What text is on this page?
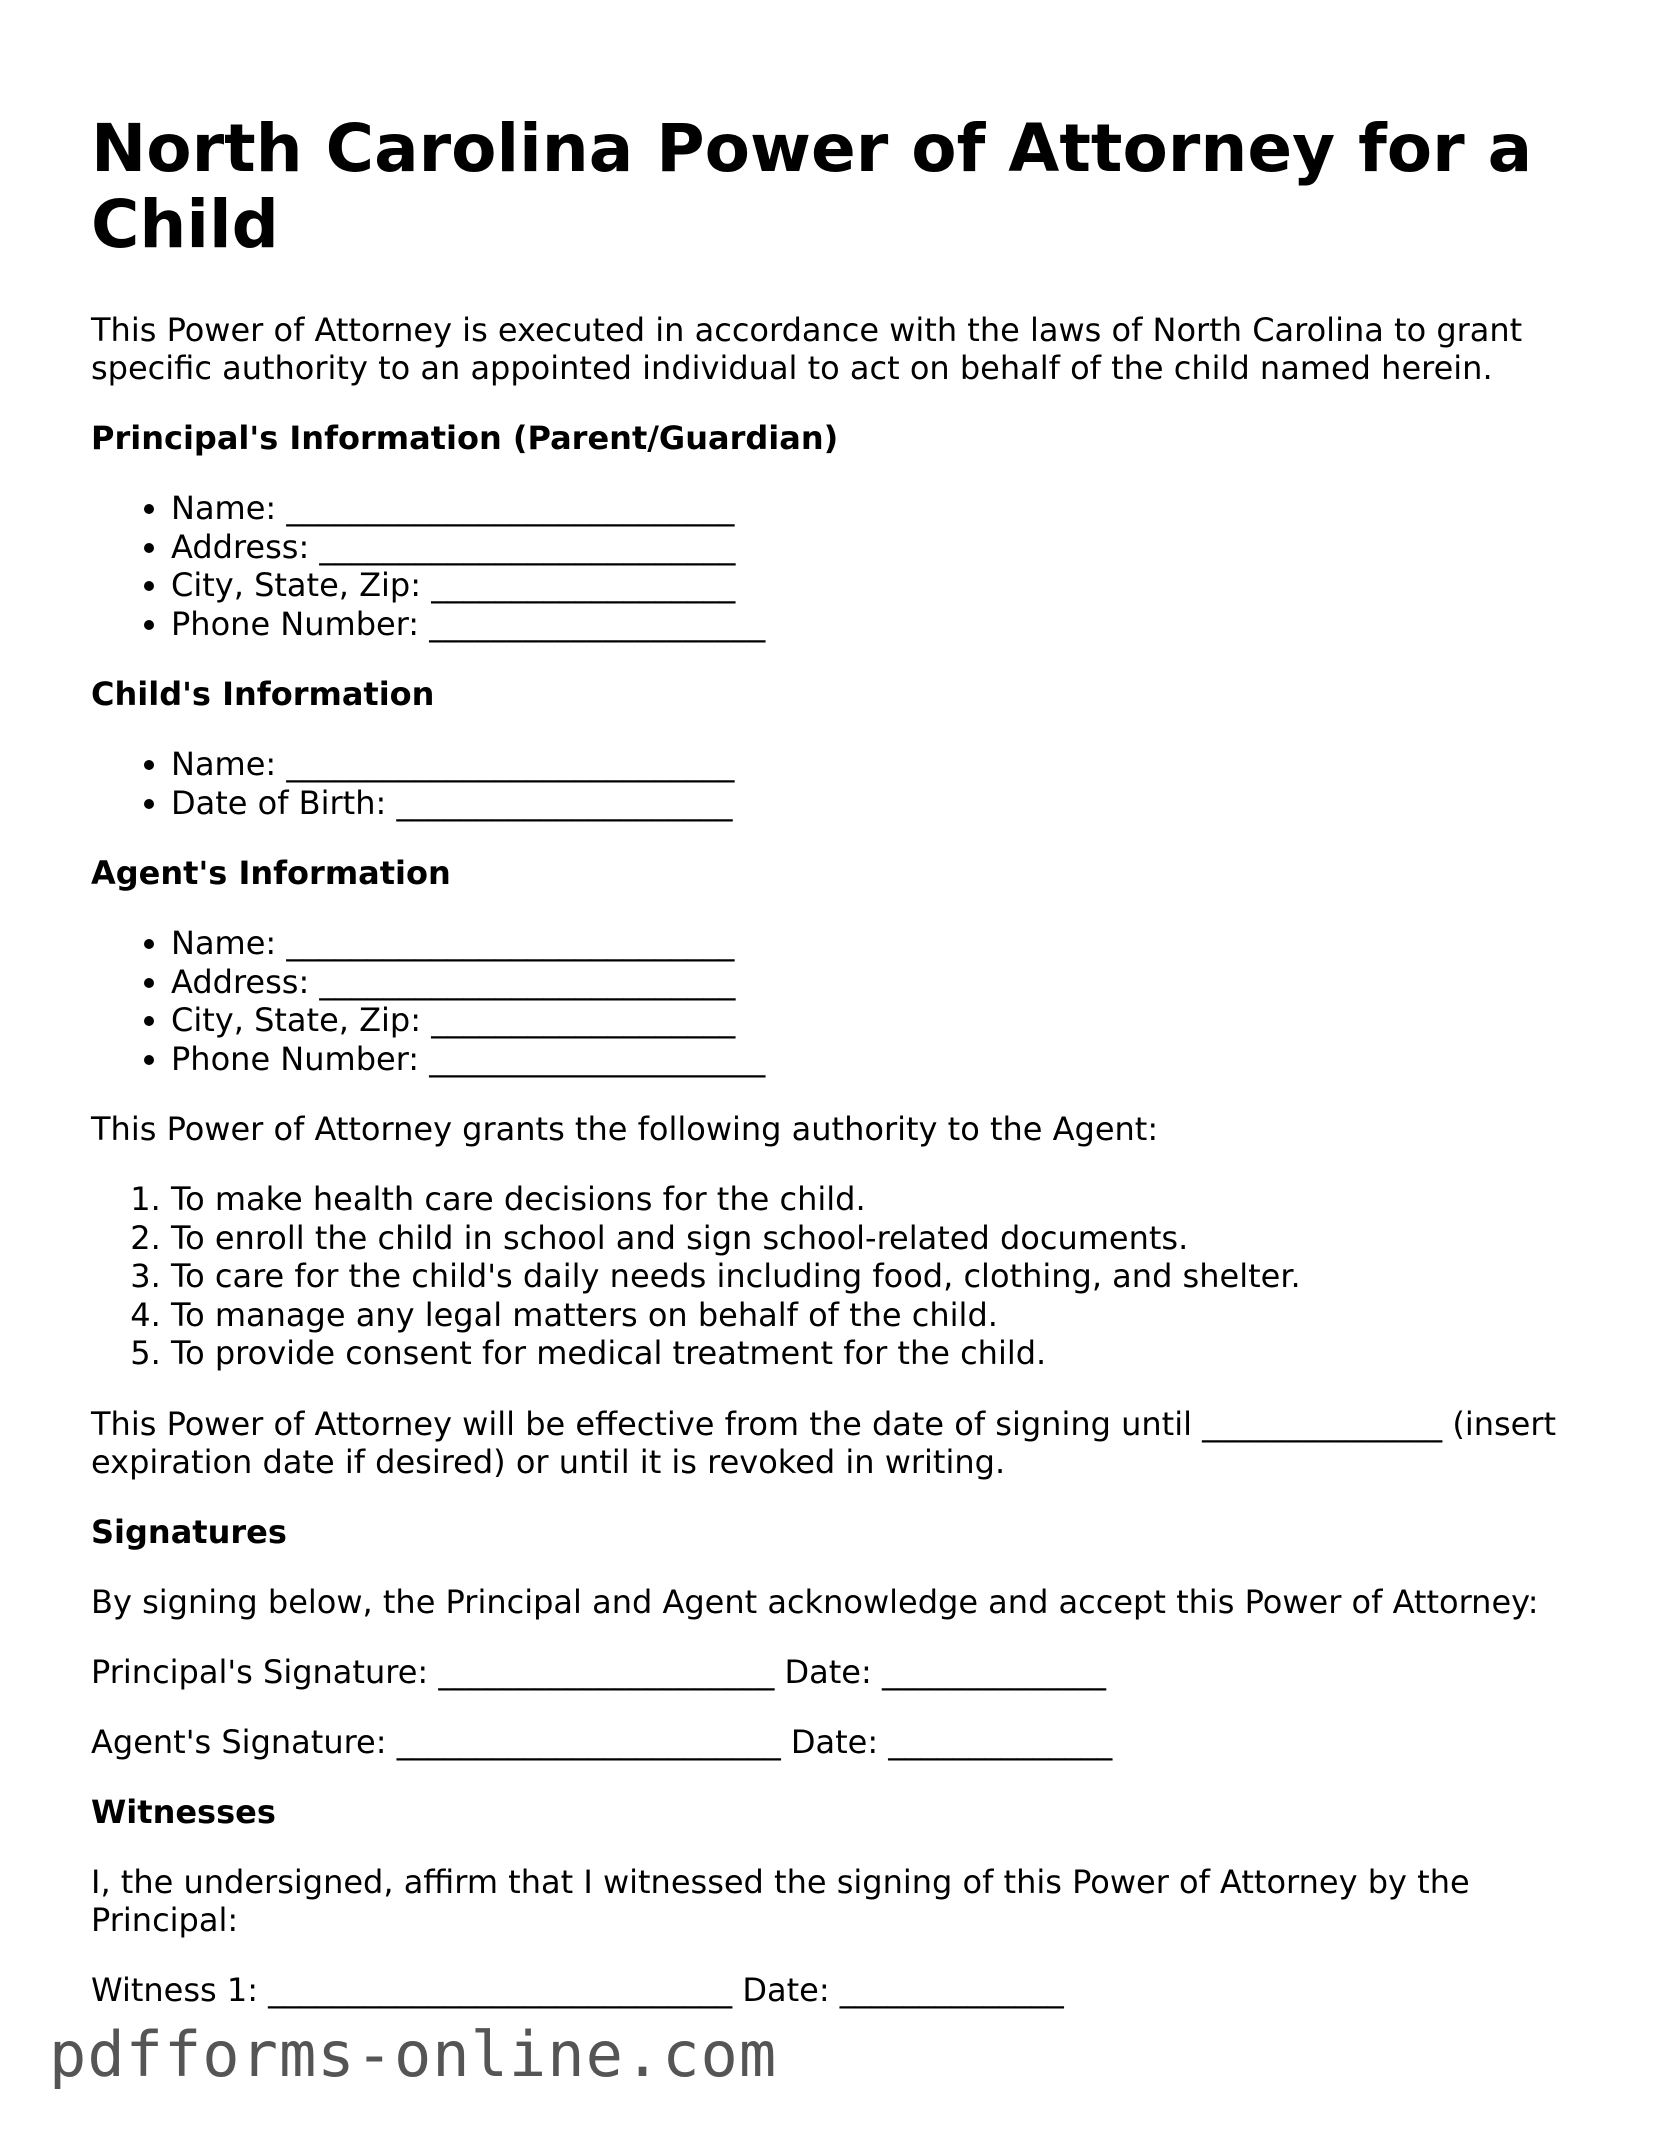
North Carolina Power of Attorney for a Child

This Power of Attorney is executed in accordance with the laws of North Carolina to grant specific authority to an appointed individual to act on behalf of the child named herein.

Principal's Information (Parent/Guardian)
• Name: ____________________________
• Address: __________________________
• City, State, Zip: ___________________
• Phone Number: _____________________
Child's Information
• Name: ____________________________
• Date of Birth: _____________________
Agent's Information
• Name: ____________________________
• Address: __________________________
• City, State, Zip: ___________________
• Phone Number: _____________________

This Power of Attorney grants the following authority to the Agent:

1. To make health care decisions for the child.
2. To enroll the child in school and sign school-related documents.
3. To care for the child's daily needs including food, clothing, and shelter.
4. To manage any legal matters on behalf of the child.
5. To provide consent for medical treatment for the child.

This Power of Attorney will be effective from the date of signing until _______________ (insert expiration date if desired) or until it is revoked in writing.

Signatures

By signing below, the Principal and Agent acknowledge and accept this Power of Attorney:

Principal's Signature: _____________________ Date: ______________

Agent's Signature: ________________________ Date: ______________

Witnesses

I, the undersigned, affirm that I witnessed the signing of this Power of Attorney by the Principal:

Witness 1: _____________________________ Date: ______________

pdfforms-online.com
